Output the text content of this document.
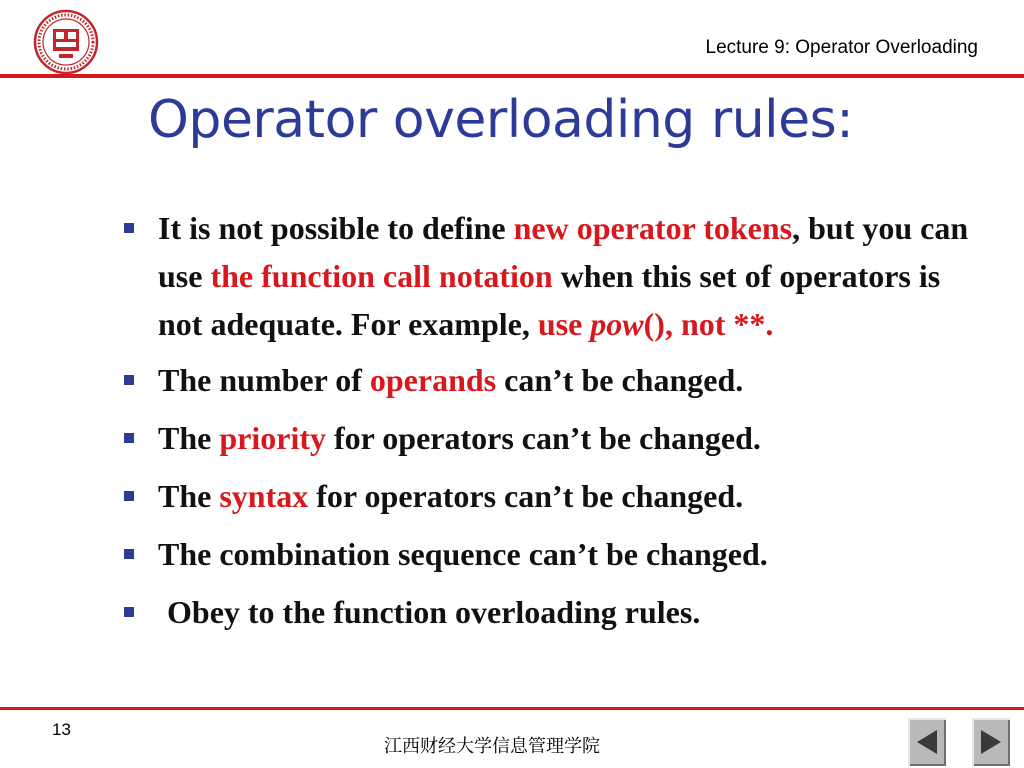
Lecture 9: Operator Overloading
Operator overloading rules:
It is not possible to define new operator tokens, but you can use the function call notation when this set of operators is not adequate. For example, use pow(), not **.
The number of operands can’t be changed.
The priority for operators can’t be changed.
The syntax for operators can’t be changed.
The combination sequence can’t be changed.
Obey to the function overloading rules.
13
江西财经大学信息管理学院
